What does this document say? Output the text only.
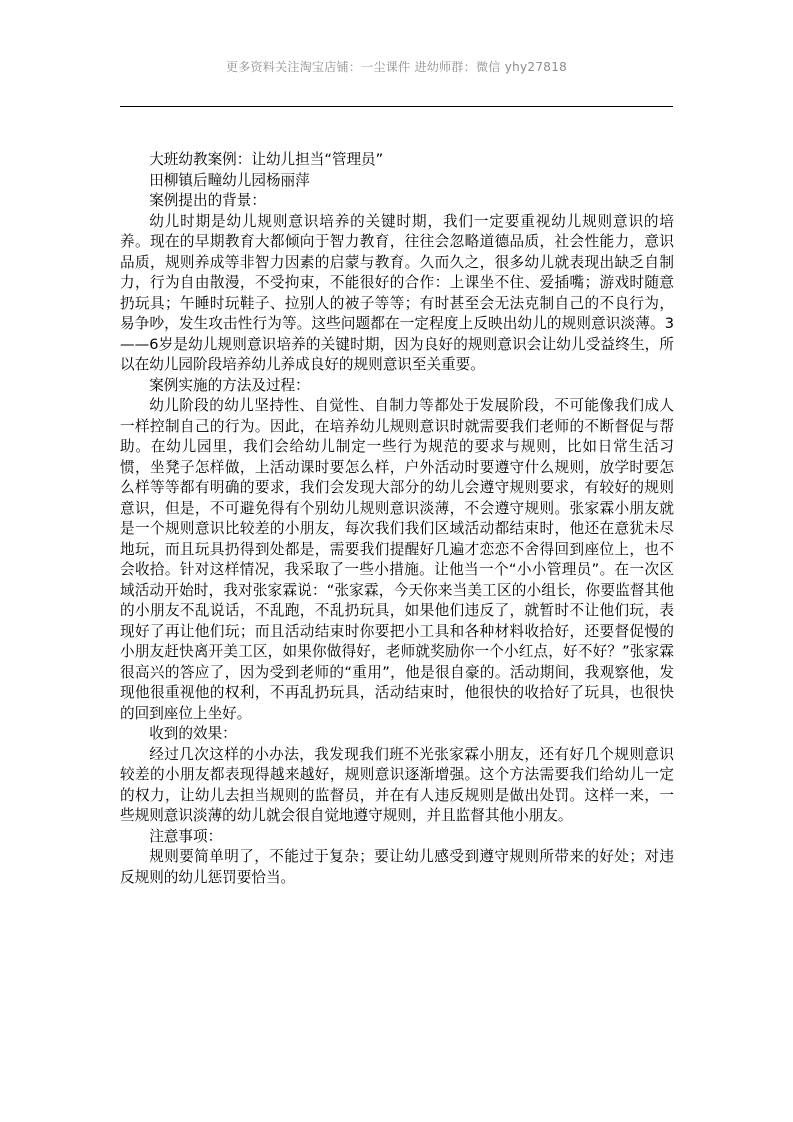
更多资料关注淘宝店铺：一尘课件 进幼师群：微信 yhy27818

大班幼教案例：让幼儿担当“管理员”

田柳镇后疃幼儿园杨丽萍

案例提出的背景：

幼儿时期是幼儿规则意识培养的关键时期，我们一定要重视幼儿规则意识的培养。现在的早期教育大都倾向于智力教育，往往会忽略道德品质，社会性能力，意识品质，规则养成等非智力因素的启蒙与教育。久而久之，很多幼儿就表现出缺乏自制力，行为自由散漫，不受拘束，不能很好的合作：上课坐不住、爱插嘴；游戏时随意扔玩具；午睡时玩鞋子、拉别人的被子等等；有时甚至会无法克制自己的不良行为，易争吵，发生攻击性行为等。这些问题都在一定程度上反映出幼儿的规则意识淡薄。3——6岁是幼儿规则意识培养的关键时期，因为良好的规则意识会让幼儿受益终生，所以在幼儿园阶段培养幼儿养成良好的规则意识至关重要。

案例实施的方法及过程：

幼儿阶段的幼儿坚持性、自觉性、自制力等都处于发展阶段，不可能像我们成人一样控制自己的行为。因此，在培养幼儿规则意识时就需要我们老师的不断督促与帮助。在幼儿园里，我们会给幼儿制定一些行为规范的要求与规则，比如日常生活习惯，坐凳子怎样做，上活动课时要怎么样，户外活动时要遵守什么规则，放学时要怎么样等等都有明确的要求，我们会发现大部分的幼儿会遵守规则要求，有较好的规则意识，但是，不可避免得有个别幼儿规则意识淡薄，不会遵守规则。张家霖小朋友就是一个规则意识比较差的小朋友，每次我们我们区域活动都结束时，他还在意犹未尽地玩，而且玩具扔得到处都是，需要我们提醒好几遍才恋恋不舍得回到座位上，也不会收拾。针对这样情况，我采取了一些小措施。让他当一个“小小管理员”。在一次区域活动开始时，我对张家霖说：“张家霖，今天你来当美工区的小组长，你要监督其他的小朋友不乱说话，不乱跑，不乱扔玩具，如果他们违反了，就暂时不让他们玩，表现好了再让他们玩；而且活动结束时你要把小工具和各种材料收拾好，还要督促慢的小朋友赶快离开美工区，如果你做得好，老师就奖励你一个小红点，好不好？”张家霖很高兴的答应了，因为受到老师的“重用”，他是很自豪的。活动期间，我观察他，发现他很重视他的权利，不再乱扔玩具，活动结束时，他很快的收拾好了玩具，也很快的回到座位上坐好。

收到的效果：

经过几次这样的小办法，我发现我们班不光张家霖小朋友，还有好几个规则意识较差的小朋友都表现得越来越好，规则意识逐渐增强。这个方法需要我们给幼儿一定的权力，让幼儿去担当规则的监督员，并在有人违反规则是做出处罚。这样一来，一些规则意识淡薄的幼儿就会很自觉地遵守规则，并且监督其他小朋友。

注意事项：

规则要简单明了，不能过于复杂；要让幼儿感受到遵守规则所带来的好处；对违反规则的幼儿惩罚要恰当。
